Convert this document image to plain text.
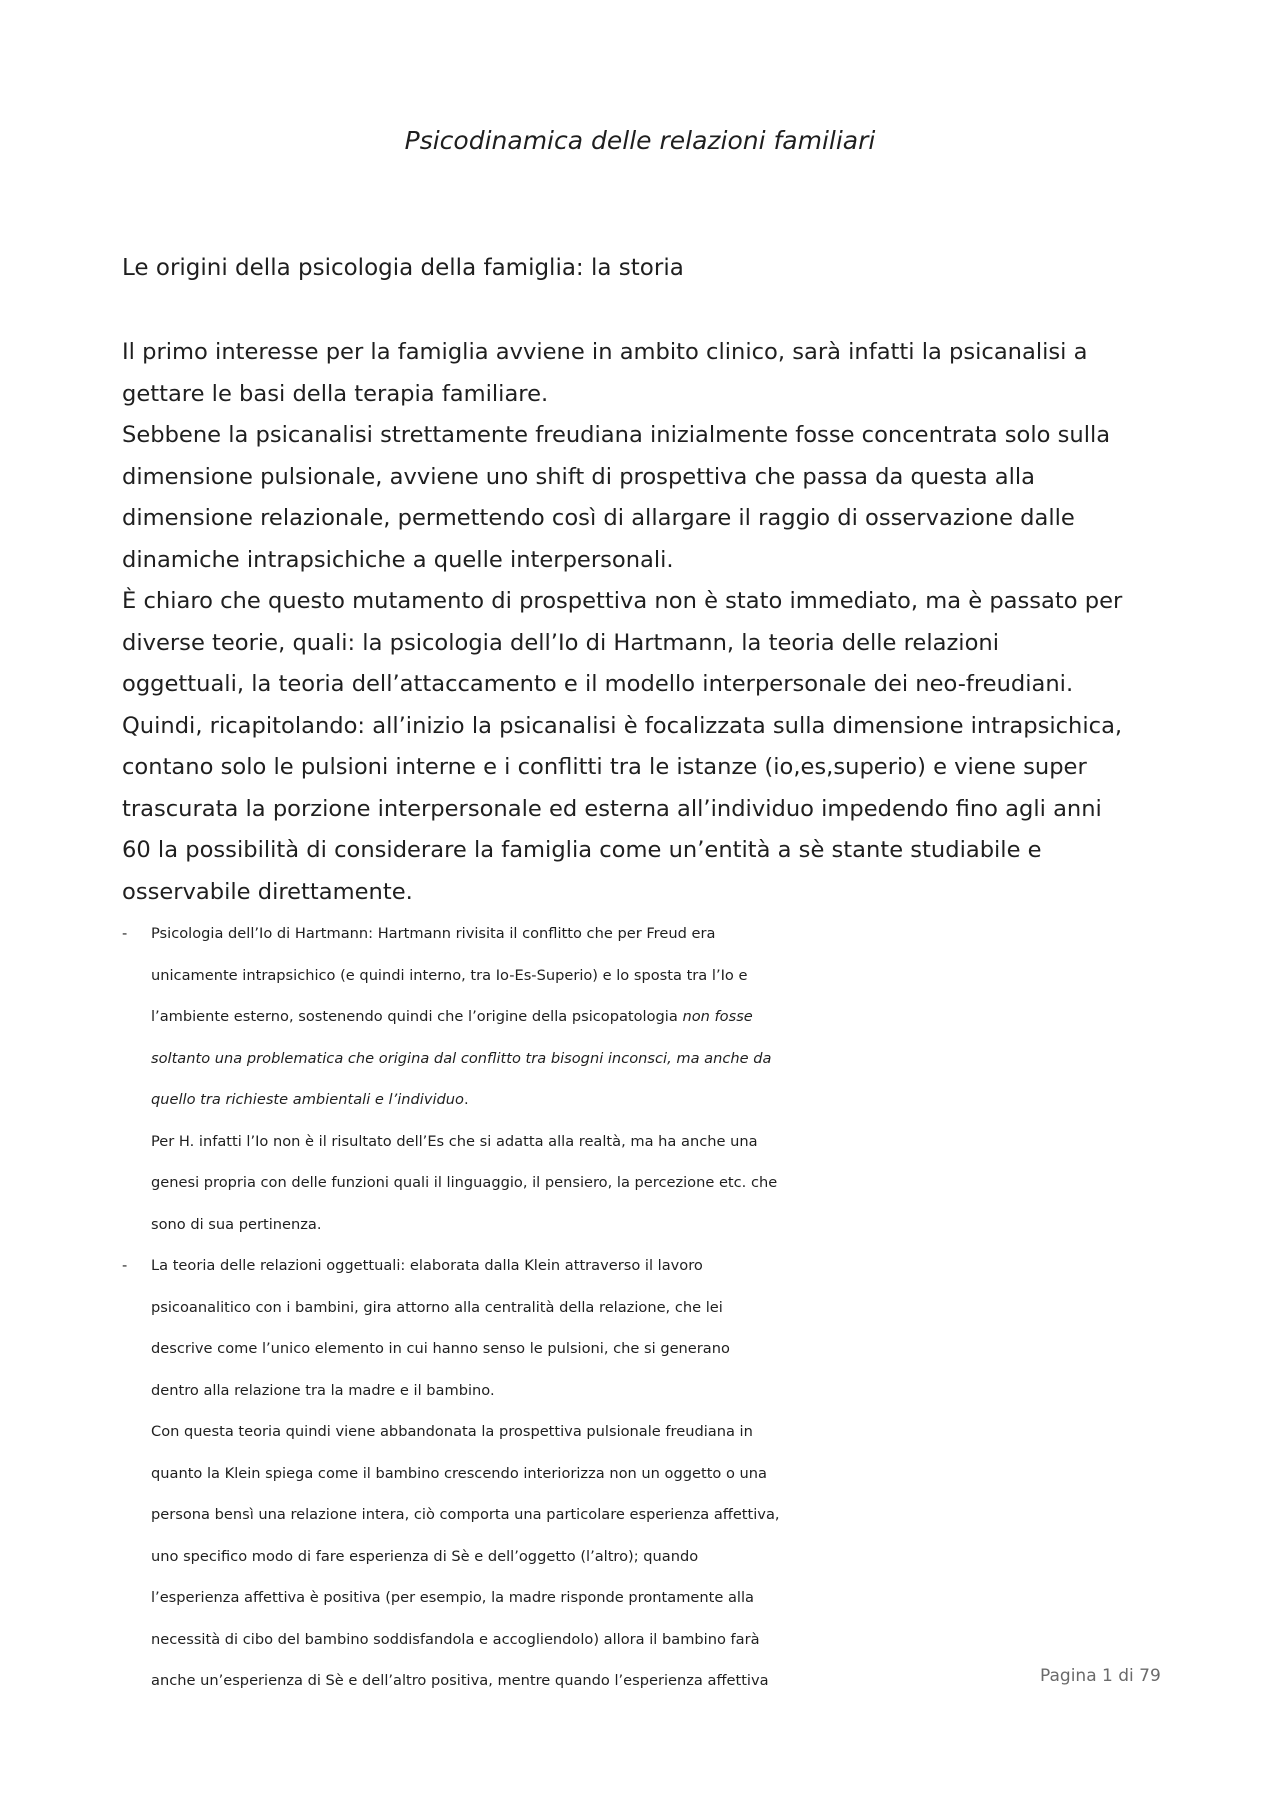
Psicodinamica delle relazioni familiari
Le origini della psicologia della famiglia: la storia
Il primo interesse per la famiglia avviene in ambito clinico, sarà infatti la psicanalisi a
gettare le basi della terapia familiare.
Sebbene la psicanalisi strettamente freudiana inizialmente fosse concentrata solo sulla
dimensione pulsionale, avviene uno shift di prospettiva che passa da questa alla
dimensione relazionale, permettendo così di allargare il raggio di osservazione dalle
dinamiche intrapsichiche a quelle interpersonali.
È chiaro che questo mutamento di prospettiva non è stato immediato, ma è passato per
diverse teorie, quali: la psicologia dell’Io di Hartmann, la teoria delle relazioni
oggettuali, la teoria dell’attaccamento e il modello interpersonale dei neo-freudiani.
Quindi, ricapitolando: all’inizio la psicanalisi è focalizzata sulla dimensione intrapsichica,
contano solo le pulsioni interne e i conflitti tra le istanze (io,es,superio) e viene super
trascurata la porzione interpersonale ed esterna all’individuo impedendo fino agli anni
60 la possibilità di considerare la famiglia come un’entità a sè stante studiabile e
osservabile direttamente.
- Psicologia dell’Io di Hartmann: Hartmann rivisita il conflitto che per Freud era
unicamente intrapsichico (e quindi interno, tra Io-Es-Superio) e lo sposta tra l’Io e
l’ambiente esterno, sostenendo quindi che l’origine della psicopatologia non fosse
soltanto una problematica che origina dal conflitto tra bisogni inconsci, ma anche da
quello tra richieste ambientali e l’individuo.
Per H. infatti l’Io non è il risultato dell’Es che si adatta alla realtà, ma ha anche una
genesi propria con delle funzioni quali il linguaggio, il pensiero, la percezione etc. che
sono di sua pertinenza.
- La teoria delle relazioni oggettuali: elaborata dalla Klein attraverso il lavoro
psicoanalitico con i bambini, gira attorno alla centralità della relazione, che lei
descrive come l’unico elemento in cui hanno senso le pulsioni, che si generano
dentro alla relazione tra la madre e il bambino.
Con questa teoria quindi viene abbandonata la prospettiva pulsionale freudiana in
quanto la Klein spiega come il bambino crescendo interiorizza non un oggetto o una
persona bensì una relazione intera, ciò comporta una particolare esperienza affettiva,
uno specifico modo di fare esperienza di Sè e dell’oggetto (l’altro); quando
l’esperienza affettiva è positiva (per esempio, la madre risponde prontamente alla
necessità di cibo del bambino soddisfandola e accogliendolo) allora il bambino farà
anche un’esperienza di Sè e dell’altro positiva, mentre quando l’esperienza affettiva	Pagina 1 di 79
